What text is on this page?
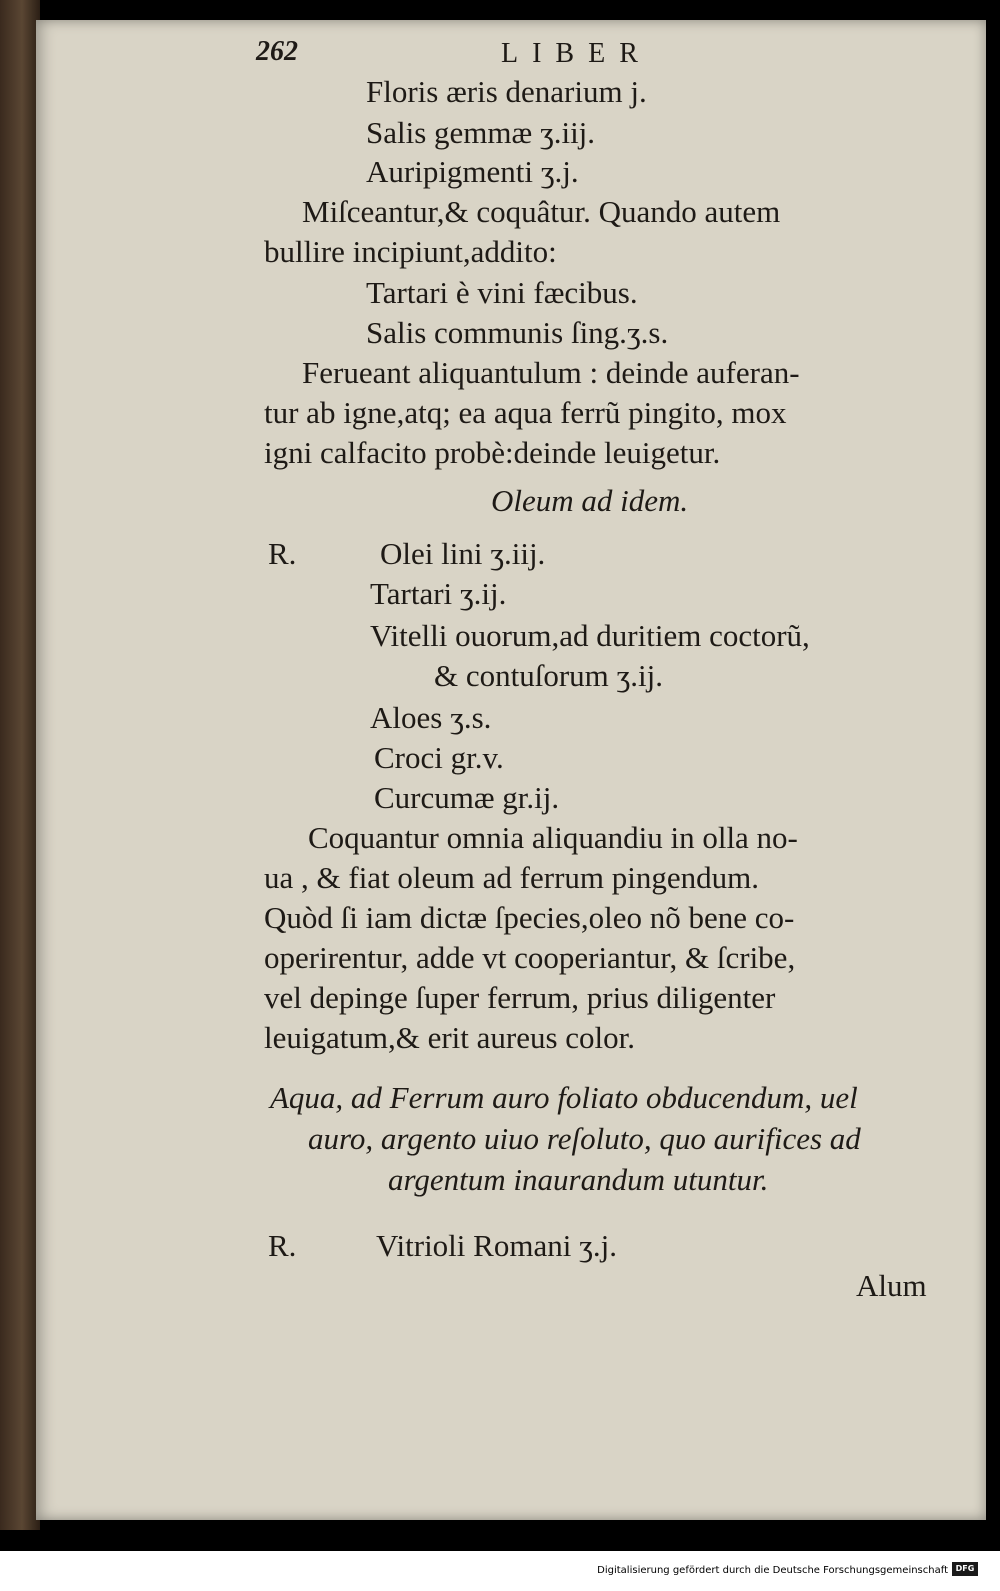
262	LIBER
Floris æris denarium j.
Salis gemmæ ʒ.iij.
Auripigmenti ʒ.j.
Miſceantur,& coquâtur. Quando autem
bullire incipiunt,addito:
Tartari è vini fæcibus.
Salis communis ſing.ʒ.s.
Ferueant aliquantulum : deinde auferan-
tur ab igne,atq; ea aqua ferrũ pingito, mox
igni calfacito probè:deinde leuigetur.
Oleum ad idem.
R.	Olei lini ʒ.iij.
Tartari ʒ.ij.
Vitelli ouorum,ad duritiem coctorũ,
& contuſorum ʒ.ij.
Aloes ʒ.s.
Croci gr.v.
Curcumæ gr.ij.
Coquantur omnia aliquandiu in olla no-
ua , & fiat oleum ad ferrum pingendum.
Quòd ſi iam dictæ ſpecies,oleo nõ bene co-
operirentur, adde vt cooperiantur, & ſcribe,
vel depinge ſuper ferrum, prius diligenter
leuigatum,& erit aureus color.
Aqua, ad Ferrum auro foliato obducendum, uel
auro, argento uiuo reſoluto, quo aurifices ad
argentum inaurandum utuntur.
R.	Vitrioli Romani ʒ.j.
Alum
Digitalisierung gefördert durch die Deutsche Forschungsgemeinschaft DFG
